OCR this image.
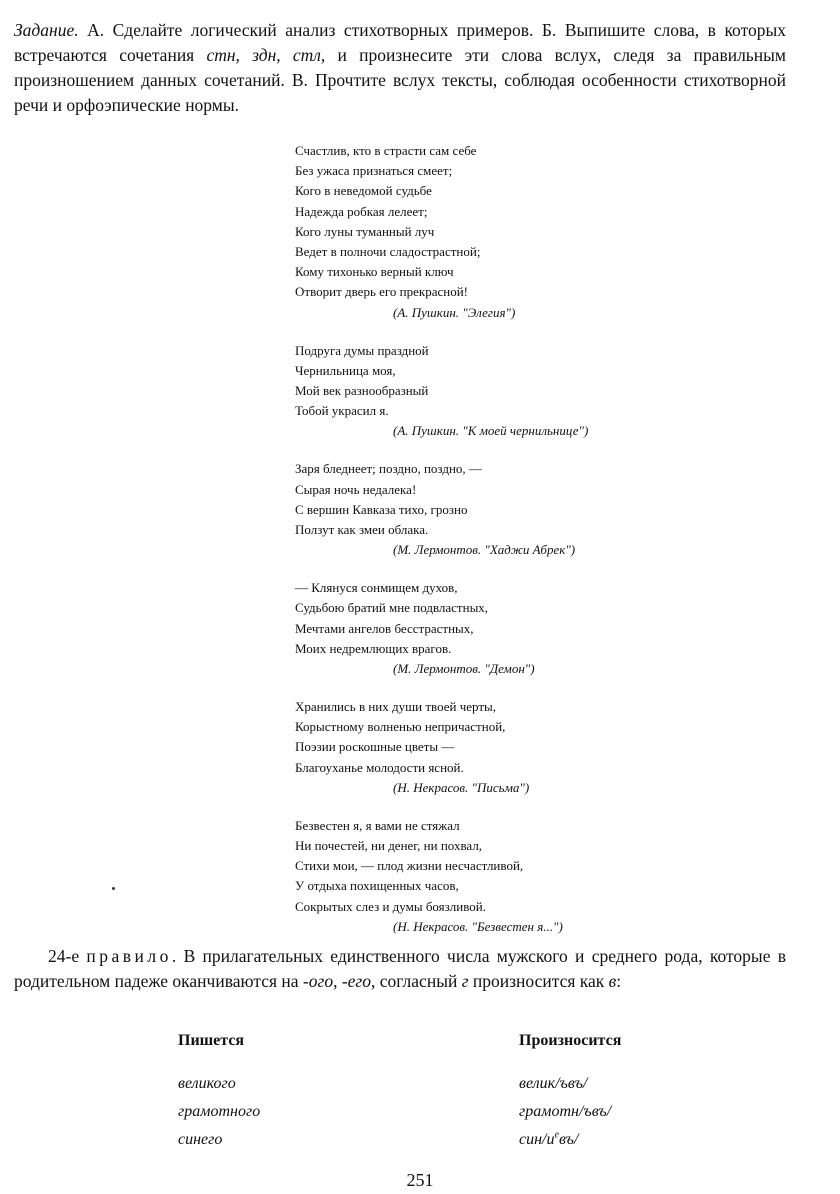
Задание. А. Сделайте логический анализ стихотворных примеров. Б. Выпишите слова, в которых встречаются сочетания стн, здн, стл, и произнесите эти слова вслух, следя за правильным произношением данных сочетаний. В. Прочтите вслух тексты, соблюдая особенности стихотворной речи и орфоэпические нормы.

Счастлив, кто в страсти сам себе
Без ужаса признаться смеет;
Кого в неведомой судьбе
Надежда робкая лелеет;
Кого луны туманный луч
Ведет в полночи сладострастной;
Кому тихонько верный ключ
Отворит дверь его прекрасной!
(А. Пушкин. "Элегия")
Подруга думы праздной
Чернильница моя,
Мой век разнообразный
Тобой украсил я.
(А. Пушкин. "К моей чернильнице")
Заря бледнеет; поздно, поздно, —
Сырая ночь недалека!
С вершин Кавказа тихо, грозно
Ползут как змеи облака.
(М. Лермонтов. "Хаджи Абрек")
— Клянуся сонмищем духов,
Судьбою братий мне подвластных,
Мечтами ангелов бесстрастных,
Моих недремлющих врагов.
(М. Лермонтов. "Демон")
Хранились в них души твоей черты,
Корыстному волненью непричастной,
Поэзии роскошные цветы —
Благоуханье молодости ясной.
(Н. Некрасов. "Письма")
Безвестен я, я вами не стяжал
Ни почестей, ни денег, ни похвал,
Стихи мои, — плод жизни несчастливой,
У отдыха похищенных часов,
Сокрытых слез и думы боязливой.
(Н. Некрасов. "Безвестен я...")

24-е правило. В прилагательных единственного числа мужского и среднего рода, которые в родительном падеже оканчиваются на -ого, -его, согласный г произносится как в:

Пишется	Произносится
великого
грамотного
синего
велик/ъвъ/
грамотн/ъвъ/
син/$и^евъ/$
251
